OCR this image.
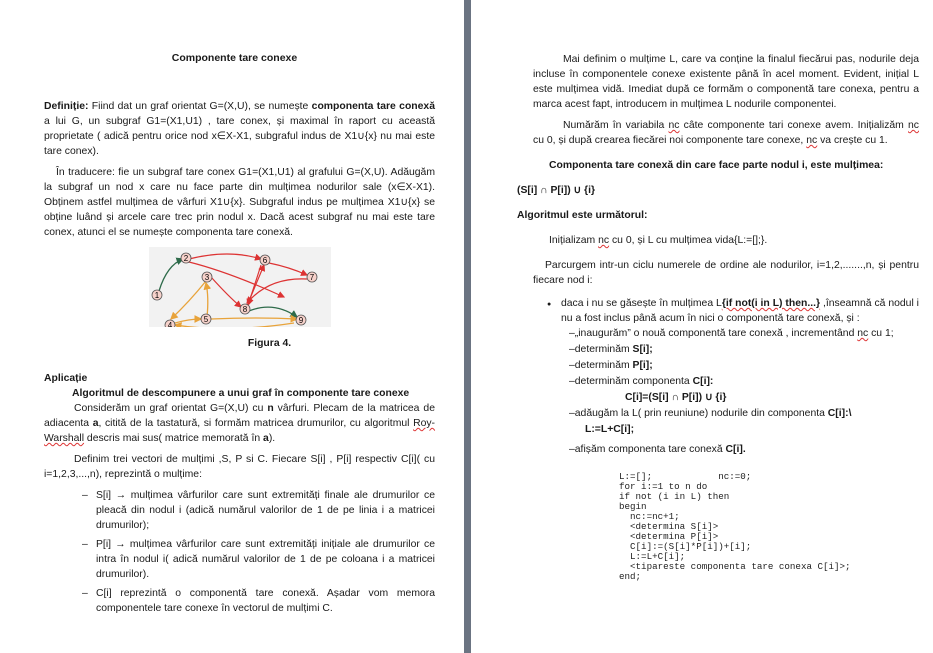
Componente tare conexe

Definiție: Fiind dat un graf orientat G=(X,U), se numește componenta tare conexă a lui G, un subgraf G1=(X1,U1) , tare conex, și maximal în raport cu această proprietate ( adică pentru orice nod x∈X-X1, subgraful indus de X1∪{x} nu mai este tare conex).

În traducere: fie un subgraf tare conex G1=(X1,U1) al grafului G=(X,U). Adăugăm la subgraf un nod x care nu face parte din mulțimea nodurilor sale (x∈X-X1). Obținem astfel mulțimea de vârfuri X1∪{x}. Subgraful indus pe mulțimea X1∪{x} se obține luând și arcele care trec prin nodul x. Dacă acest subgraf nu mai este tare conex, atunci el se numește componenta tare conexă.

1
2
3
4
5
6
7
8
9

Figura 4.

Aplicație

Algoritmul de descompunere a unui graf în componente tare conexe

Considerăm un graf orientat G=(X,U) cu n vârfuri. Plecam de la matricea de adiacenta a, citită de la tastatură, si formăm matricea drumurilor, cu algoritmul Roy-Warshall descris mai sus( matrice memorată în a).

Definim trei vectori de mulțimi ,S, P si C. Fiecare S[i] , P[i] respectiv C[i]( cu i=1,2,3,...,n), reprezintă o mulțime:

– S[i] → mulțimea vârfurilor care sunt extremități finale ale drumurilor ce pleacă din nodul i (adică numărul valorilor de 1 de pe linia i a matricei drumurilor);
– P[i] → mulțimea vârfurilor care sunt extremități inițiale ale drumurilor ce intra în nodul i( adică numărul valorilor de 1 de pe coloana i a matricei drumurilor).
– C[i] reprezintă o componentă tare conexă. Așadar vom memora componentele tare conexe în vectorul de mulțimi C.

Mai definim o mulțime L, care va conține la finalul fiecărui pas, nodurile deja incluse în componentele conexe existente până în acel moment. Evident, inițial L este mulțimea vidă. Imediat după ce formăm o componentă tare conexa, pentru a marca acest fapt, introducem in mulțimea L nodurile componentei.

Numărăm în variabila nc câte componente tari conexe avem. Inițializăm nc cu 0, și după crearea fiecărei noi componente tare conexe, nc va crește cu 1.

Componenta tare conexă din care face parte nodul i, este mulțimea:

(S[i] ∩ P[i]) ∪ {i}

Algoritmul este următorul:

Inițializam nc cu 0, și L cu mulțimea vida{L:=[];}.

Parcurgem intr-un ciclu numerele de ordine ale nodurilor, i=1,2,.......,n, și pentru fiecare nod i:

● daca i nu se găsește în mulțimea L{if not(i in L) then...} ,înseamnă că nodul i nu a fost inclus până acum în nici o componentă tare conexă, și :
–„inaugurăm” o nouă componentă tare conexă , incrementând nc cu 1;
–determinăm S[i];
–determinăm P[i];
–determinăm componenta C[i]:
C[i]=(S[i] ∩ P[i]) ∪ {i}
–adăugăm la L( prin reuniune) nodurile din componenta C[i]:\
L:=L+C[i];
–afișăm componenta tare conexă C[i].
L:=[];            nc:=0;
for i:=1 to n do
if not (i in L) then
begin
nc:=nc+1;
<determina S[i]>
<determina P[i]>
C[i]:=(S[i]*P[i])+[i];
L:=L+C[i];
<tipareste componenta tare conexa C[i]>;
end;
